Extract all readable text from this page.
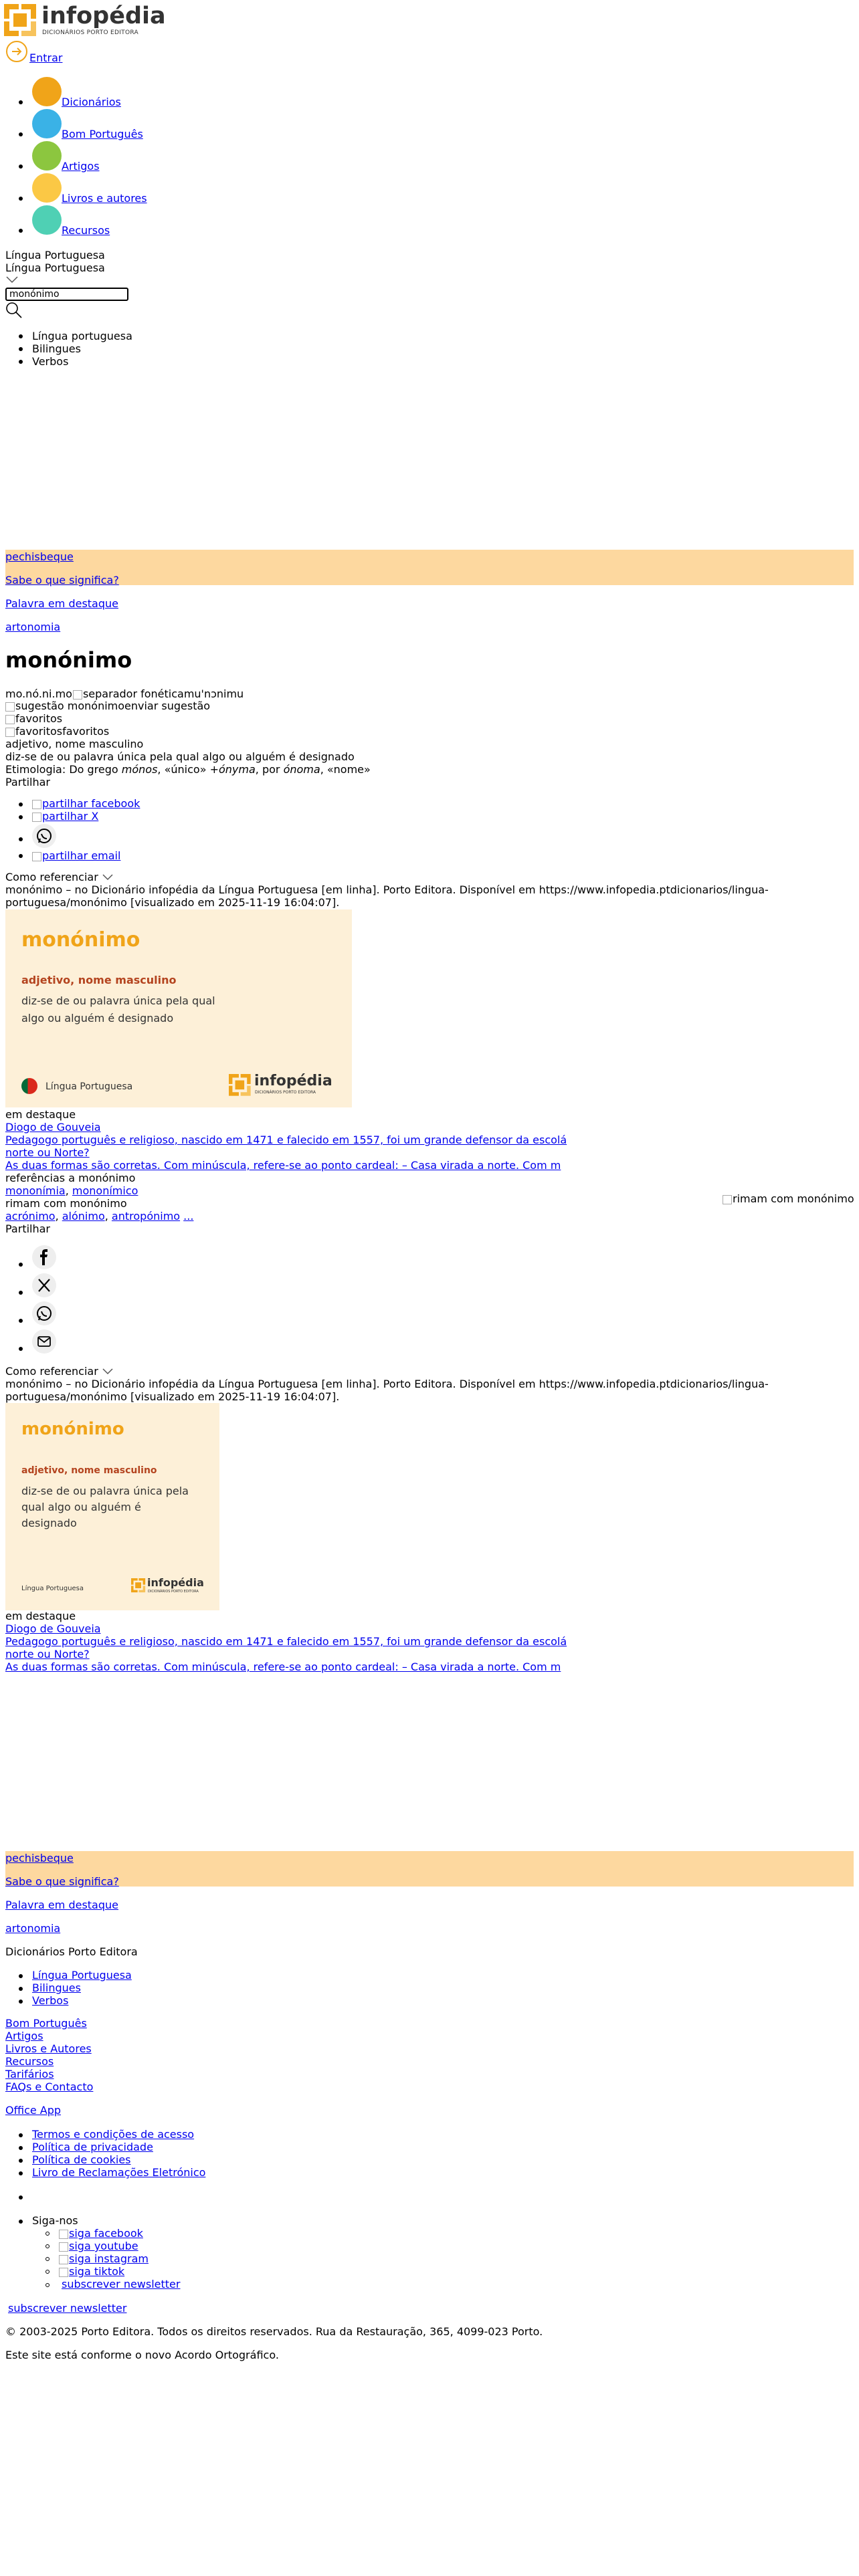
infopédia
DICIONÁRIOS PORTO EDITORA
Entrar
Dicionários
Bom Português
Artigos
Livros e autores
Recursos
Língua Portuguesa
Língua Portuguesa
monónimo
Língua portuguesa
Bilingues
Verbos
pechisbeque
Sabe o que significa?
Palavra em destaque
artonomia
monónimo
mo.nó.ni.mo separador fonéticamu'nɔnimu
sugestão monónimoenviar sugestão
favoritos
favoritosfavoritos
adjetivo, nome masculino
diz-se de ou palavra única pela qual algo ou alguém é designado
Etimologia: Do grego mónos, «único» +ónyma, por ónoma, «nome»
Partilhar
partilhar facebook
partilhar X
partilhar email
Como referenciar
monónimo – no Dicionário infopédia da Língua Portuguesa [em linha]. Porto Editora. Disponível em https://www.infopedia.ptdicionarios/lingua-
portuguesa/monónimo [visualizado em 2025-11-19 16:04:07].
monónimo
adjetivo, nome masculino
diz-se de ou palavra única pela qual algo ou alguém é designado
Língua Portuguesa	infopédia
DICIONÁRIOS PORTO EDITORA
em destaque
Diogo de Gouveia
Pedagogo português e religioso, nascido em 1471 e falecido em 1557, foi um grande defensor da escolá
norte ou Norte?
As duas formas são corretas. Com minúscula, refere-se ao ponto cardeal: – Casa virada a norte. Com m
referências a monónimo
mononímia, mononímico
rimam com monónimo
acrónimo, alónimo, antropónimo ...
rimam com monónimo
Partilhar
Como referenciar
monónimo – no Dicionário infopédia da Língua Portuguesa [em linha]. Porto Editora. Disponível em https://www.infopedia.ptdicionarios/lingua-
portuguesa/monónimo [visualizado em 2025-11-19 16:04:07].
monónimo
adjetivo, nome masculino
diz-se de ou palavra única pela qual algo ou alguém é designado
Língua Portuguesa	infopédia
DICIONÁRIOS PORTO EDITORA
em destaque
Diogo de Gouveia
Pedagogo português e religioso, nascido em 1471 e falecido em 1557, foi um grande defensor da escolá
norte ou Norte?
As duas formas são corretas. Com minúscula, refere-se ao ponto cardeal: – Casa virada a norte. Com m
pechisbeque
Sabe o que significa?
Palavra em destaque
artonomia
Dicionários Porto Editora
Língua Portuguesa
Bilingues
Verbos
Bom Português
Artigos
Livros e Autores
Recursos
Tarifários
FAQs e Contacto
Office App
Termos e condições de acesso
Política de privacidade
Política de cookies
Livro de Reclamações Eletrónico
Siga-nos
siga facebook
siga youtube
siga instagram
siga tiktok
subscrever newsletter
subscrever newsletter
© 2003-2025 Porto Editora. Todos os direitos reservados. Rua da Restauração, 365, 4099-023 Porto.
Este site está conforme o novo Acordo Ortográfico.
